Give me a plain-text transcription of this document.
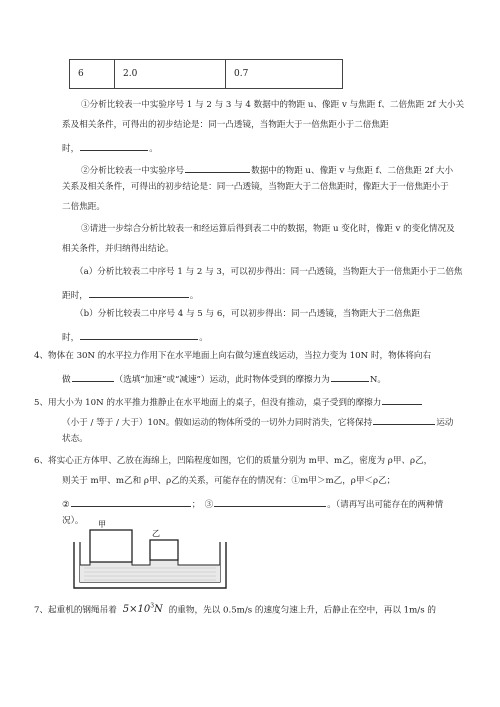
6	2.0	0.7
①分析比较表一中实验序号 1 与 2 与 3 与 4 数据中的物距 u、像距 v 与焦距 f、二倍焦距 2f 大小关
系及相关条件，可得出的初步结论是：同一凸透镜，当物距大于一倍焦距小于二倍焦距
时，	。
②分析比较表一中实验序号	数据中的物距 u、像距 v 与焦距 f、二倍焦距 2f 大小
关系及相关条件，可得出的初步结论是：同一凸透镜，当物距大于二倍焦距时，像距大于一倍焦距小于
二倍焦距。
③请进一步综合分析比较表一和经运算后得到表二中的数据，物距 u 变化时，像距 v 的变化情况及
相关条件，并归纳得出结论。
（a）分析比较表二中序号 1 与 2 与 3，可以初步得出：同一凸透镜，当物距大于一倍焦距小于二倍焦
距时，	。
（b）分析比较表二中序号 4 与 5 与 6，可以初步得出：同一凸透镜，当物距大于二倍焦距
时，	。
4、物体在 30N 的水平拉力作用下在水平地面上向右做匀速直线运动，当拉力变为 10N 时，物体将向右
做	（选填“加速”或“减速”）运动，此时物体受到的摩擦力为	N。
5、用大小为 10N 的水平推力推静止在水平地面上的桌子，但没有推动，桌子受到的摩擦力
（小于 / 等于 / 大于）10N。假如运动的物体所受的一切外力同时消失，它将保持	运动
状态。
6、将实心正方体甲、乙放在海绵上，凹陷程度如图，它们的质量分别为 m甲、m乙，密度为 ρ甲、ρ乙，
则关于 m甲、m乙和 ρ甲、ρ乙的关系，可能存在的情况有：①m甲＞m乙，ρ甲＜ρ乙；
②	；　③	。（请再写出可能存在的两种情
况）。
7、起重机的钢绳吊着 $5\times 10^3N$ 的重物，先以 0.5m/s 的速度匀速上升，后静止在空中，再以 1m/s 的
甲
乙
